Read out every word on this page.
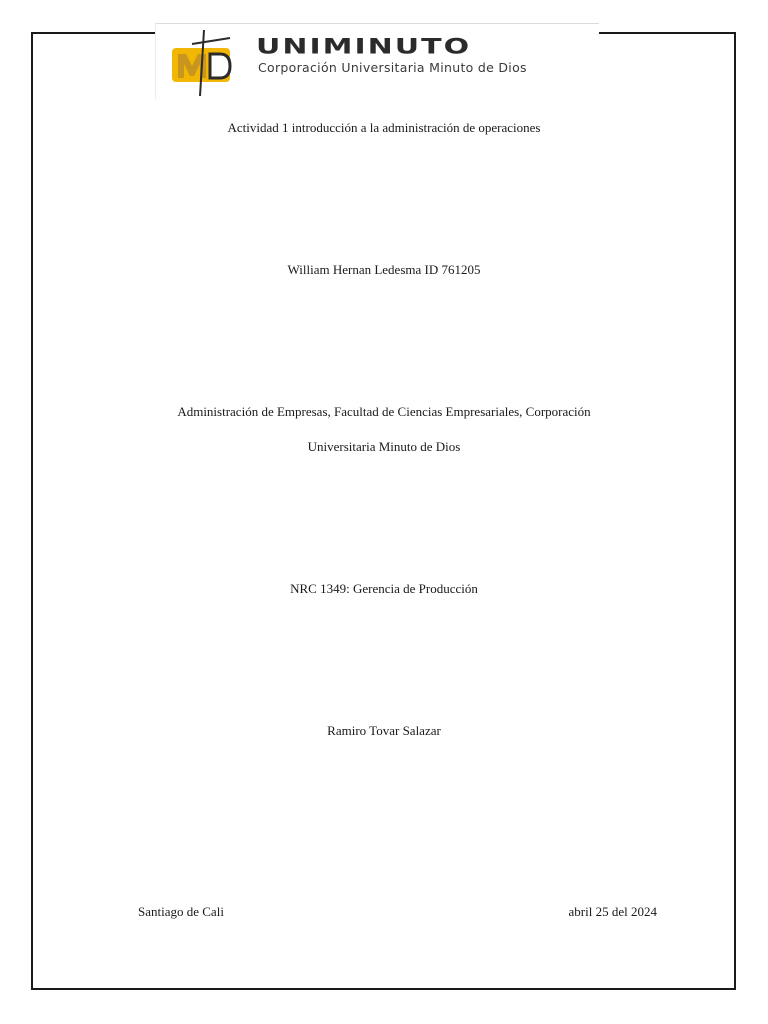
UNIMINUTO
Corporación Universitaria Minuto de Dios
Actividad 1 introducción a la administración de operaciones
William Hernan Ledesma ID 761205
Administración de Empresas, Facultad de Ciencias Empresariales, Corporación
Universitaria Minuto de Dios
NRC 1349: Gerencia de Producción
Ramiro Tovar Salazar
Santiago de Cali	abril 25 del 2024
